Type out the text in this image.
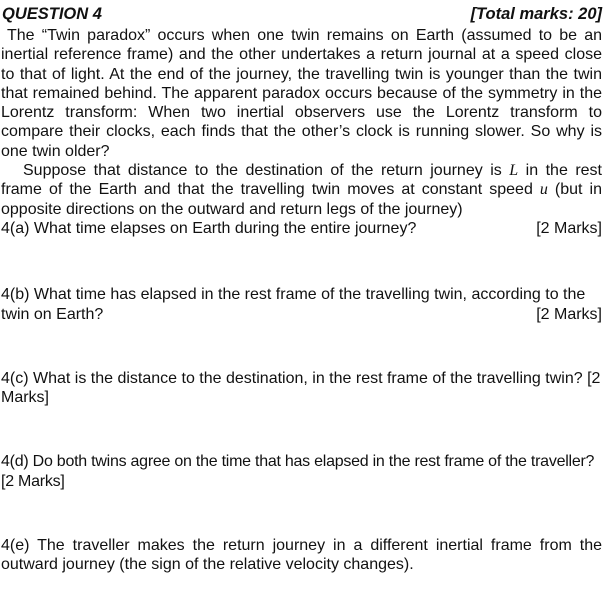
QUESTION 4	[Total marks: 20]

The “Twin paradox” occurs when one twin remains on Earth (assumed to be an inertial reference frame) and the other undertakes a return journal at a speed close to that of light. At the end of the journey, the travelling twin is younger than the twin that remained behind. The apparent paradox occurs because of the symmetry in the Lorentz transform: When two inertial observers use the Lorentz transform to compare their clocks, each finds that the other’s clock is running slower. So why is one twin older?

Suppose that distance to the destination of the return journey is L in the rest frame of the Earth and that the travelling twin moves at constant speed u (but in opposite directions on the outward and return legs of the journey)

4(a) What time elapses on Earth during the entire journey?	[2 Marks]
4(b) What time has elapsed in the rest frame of the travelling twin, according to the
twin on Earth?	[2 Marks]
4(c) What is the distance to the destination, in the rest frame of the travelling twin? [2 Marks]
4(d) Do both twins agree on the time that has elapsed in the rest frame of the traveller? [2 Marks]
4(e) The traveller makes the return journey in a different inertial frame from the outward journey (the sign of the relative velocity changes).
